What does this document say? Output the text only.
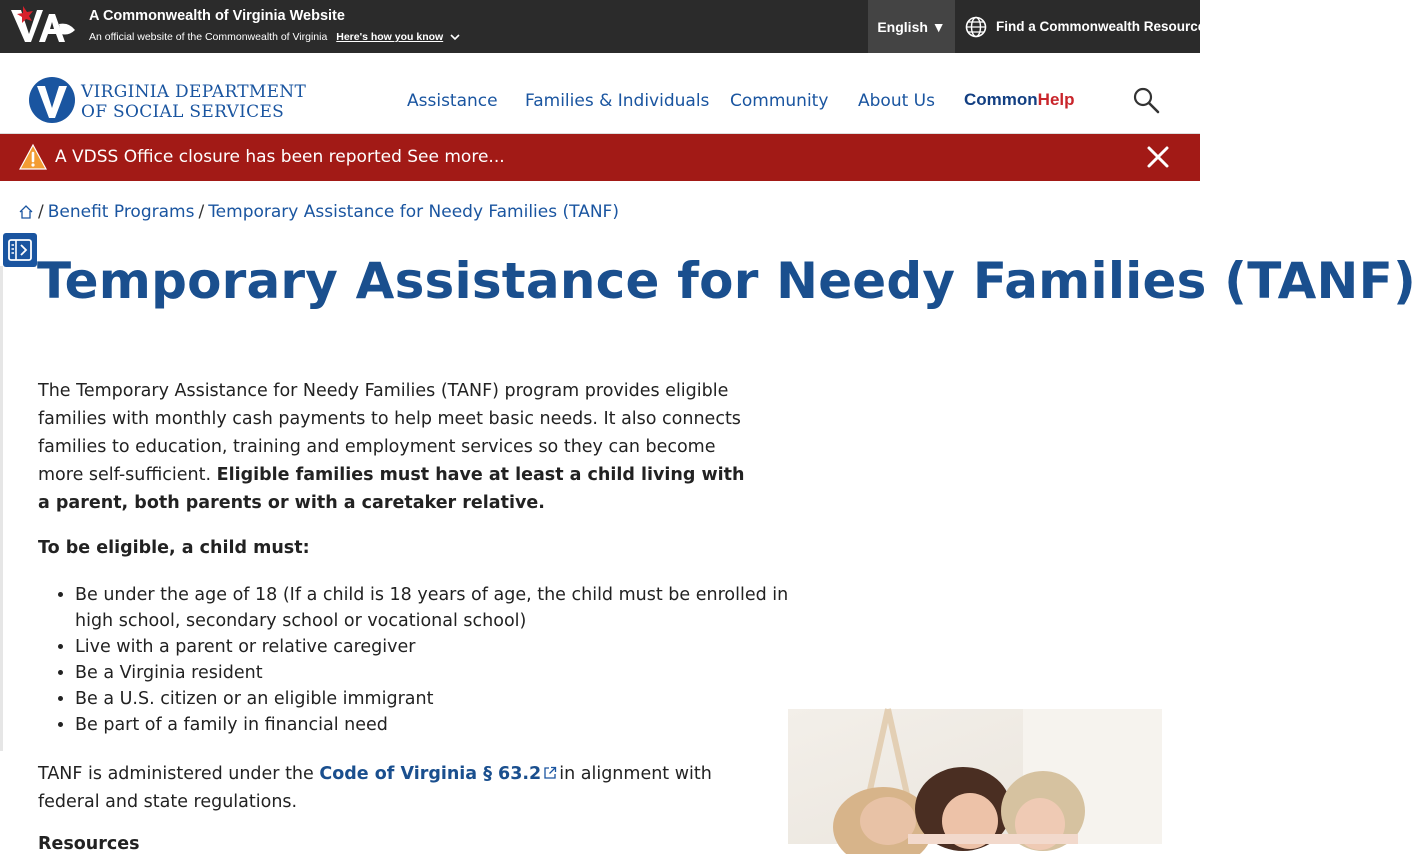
A Commonwealth of Virginia Website
An official website of the Commonwealth of Virginia Here's how you know
English ▼	Find a Commonwealth Resource
VIRGINIA DEPARTMENT
OF SOCIAL SERVICES
Assistance Families & Individuals Community About Us CommonHelp
A VDSS Office closure has been reported See more...
/ Benefit Programs / Temporary Assistance for Needy Families (TANF)
Temporary Assistance for Needy Families (TANF)

The Temporary Assistance for Needy Families (TANF) program provides eligible families with monthly cash payments to help meet basic needs. It also connects families to education, training and employment services so they can become more self-sufficient. Eligible families must have at least a child living with a parent, both parents or with a caretaker relative.

To be eligible, a child must:
• Be under the age of 18 (If a child is 18 years of age, the child must be enrolled in high school, secondary school or vocational school)
• Live with a parent or relative caregiver
• Be a Virginia resident
• Be a U.S. citizen or an eligible immigrant
• Be part of a family in financial need
TANF is administered under the Code of Virginia § 63.2 in alignment with federal and state regulations.
Resources
